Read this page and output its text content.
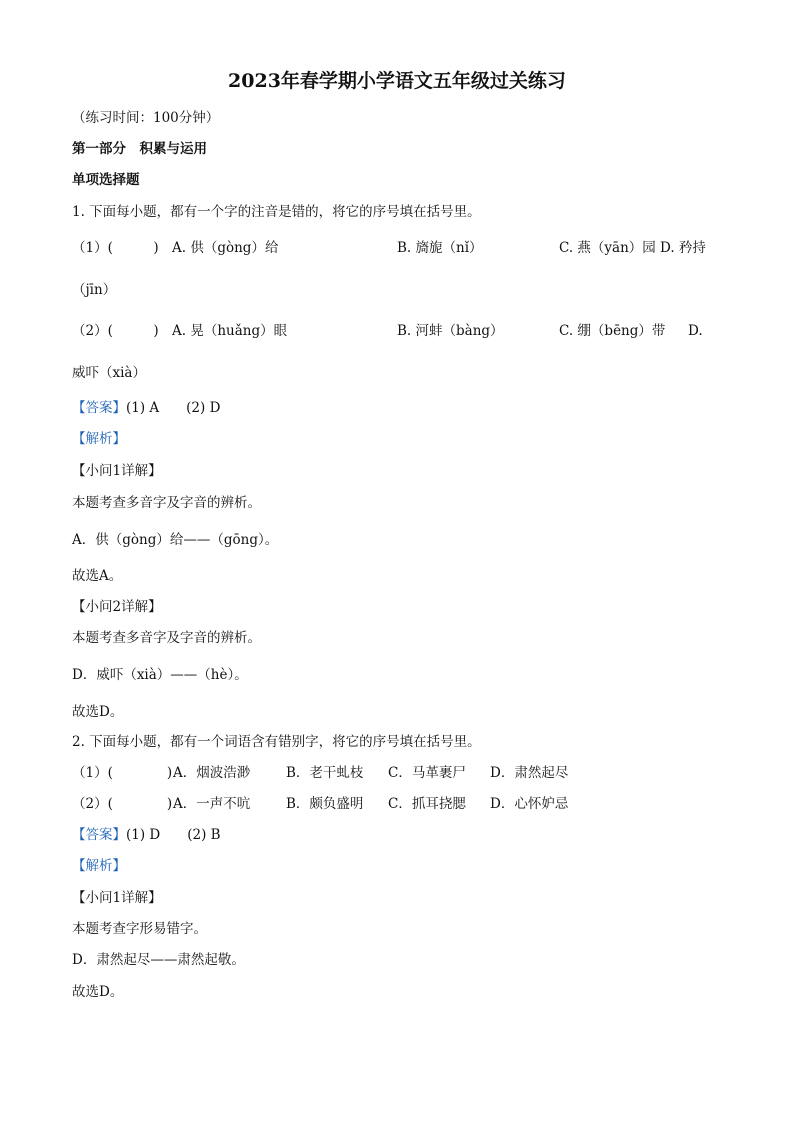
2023年春学期小学语文五年级过关练习
（练习时间：100分钟）
第一部分　积累与运用
单项选择题
1. 下面每小题，都有一个字的注音是错的，将它的序号填在括号里。
（1）(　　　) A. 供（gòng）给	B. 旖旎（nǐ）	C. 燕（yān）园 D. 矜持
（jīn）
（2）(　　　) A. 晃（huǎng）眼	B. 河蚌（bàng）	C. 绷（bēng）带 D.
威吓（xià）
【答案】(1) A　　(2) D
【解析】
【小问1详解】
本题考查多音字及字音的辨析。
A．供（gòng）给——（gōng）。
故选A。
【小问2详解】
本题考查多音字及字音的辨析。
D．威吓（xià）——（hè）。
故选D。
2. 下面每小题，都有一个词语含有错别字，将它的序号填在括号里。
（1）(　　　　) A．烟波浩渺	B．老干虬枝 C．马革裹尸 D．肃然起尽
（2）(　　　　) A．一声不吭	B．颇负盛明 C．抓耳挠腮 D．心怀妒忌
【答案】(1) D　　(2) B
【解析】
【小问1详解】
本题考查字形易错字。
D．肃然起尽——肃然起敬。
故选D。
